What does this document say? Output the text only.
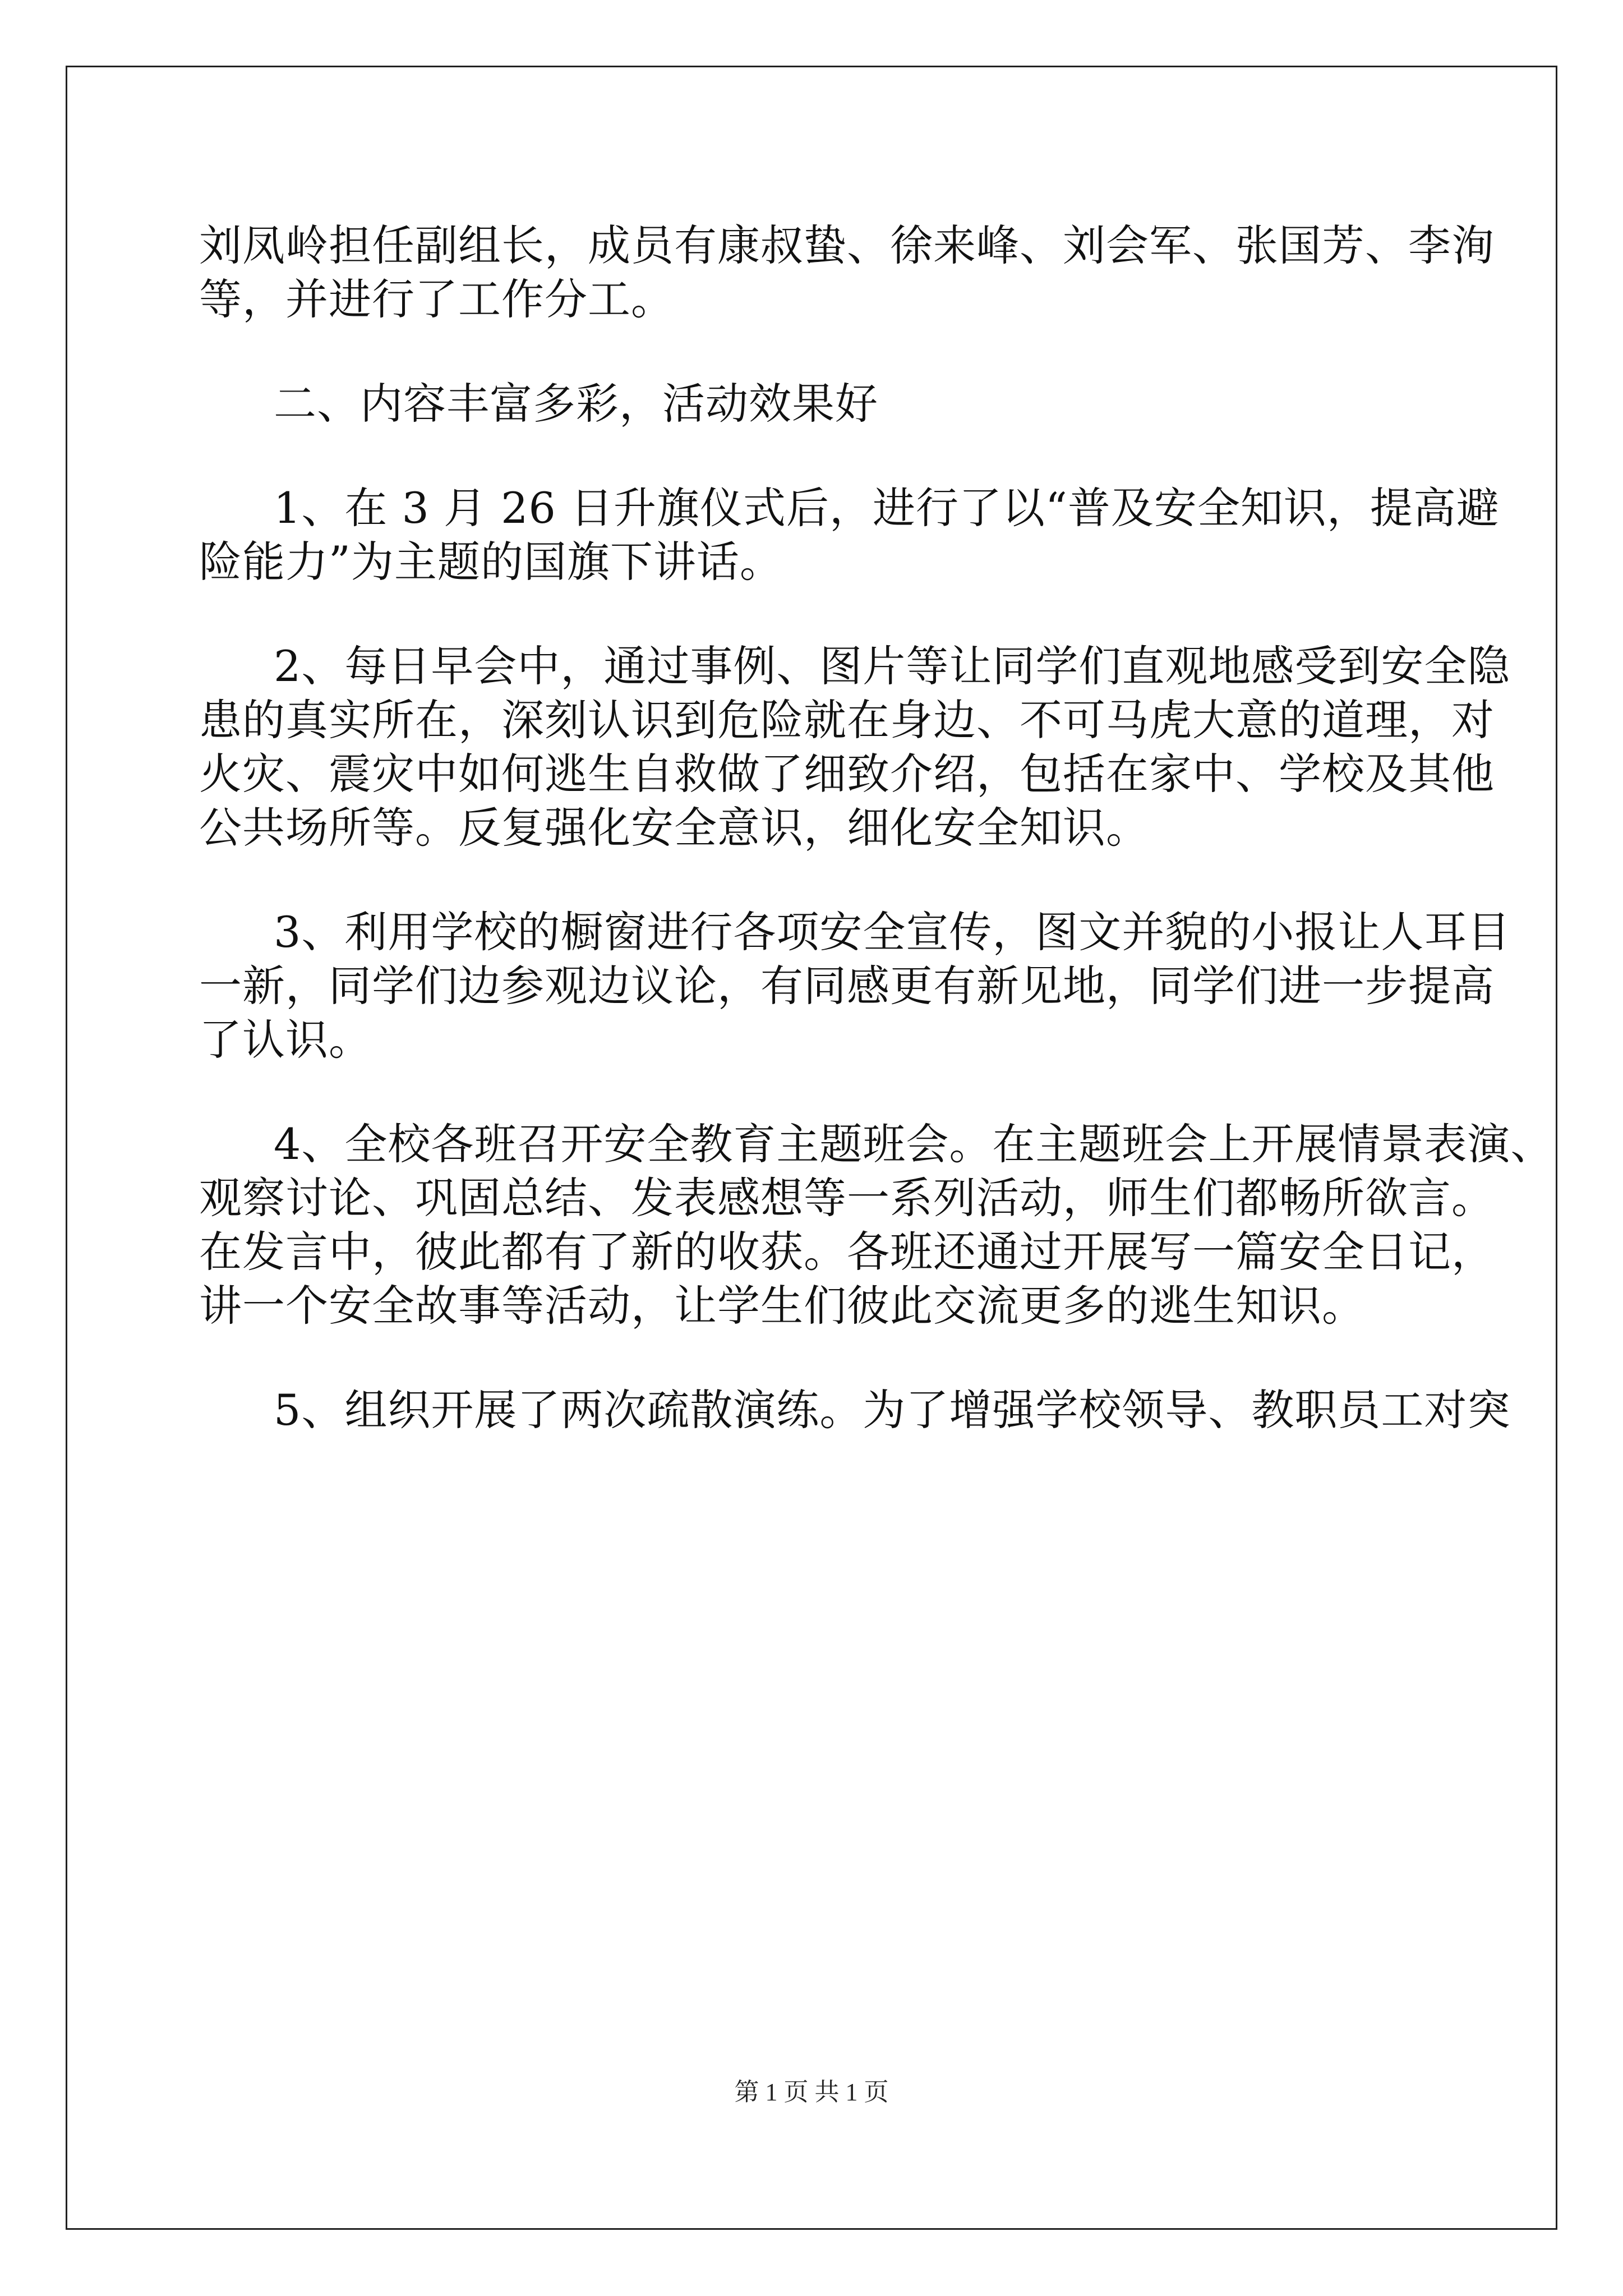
刘凤岭担任副组长，成员有康叔蛰、徐来峰、刘会军、张国芳、李洵
等，并进行了工作分工。
二、内容丰富多彩，活动效果好
1、在 3 月 26 日升旗仪式后，进行了以“普及安全知识，提高避
险能力”为主题的国旗下讲话。
2、每日早会中，通过事例、图片等让同学们直观地感受到安全隐
患的真实所在，深刻认识到危险就在身边、不可马虎大意的道理，对
火灾、震灾中如何逃生自救做了细致介绍，包括在家中、学校及其他
公共场所等。反复强化安全意识，细化安全知识。
3、利用学校的橱窗进行各项安全宣传，图文并貌的小报让人耳目
一新，同学们边参观边议论，有同感更有新见地，同学们进一步提高
了认识。
4、全校各班召开安全教育主题班会。在主题班会上开展情景表演、
观察讨论、巩固总结、发表感想等一系列活动，师生们都畅所欲言。
在发言中，彼此都有了新的收获。各班还通过开展写一篇安全日记，
讲一个安全故事等活动，让学生们彼此交流更多的逃生知识。
5、组织开展了两次疏散演练。为了增强学校领导、教职员工对突
第 1 页 共 1 页
